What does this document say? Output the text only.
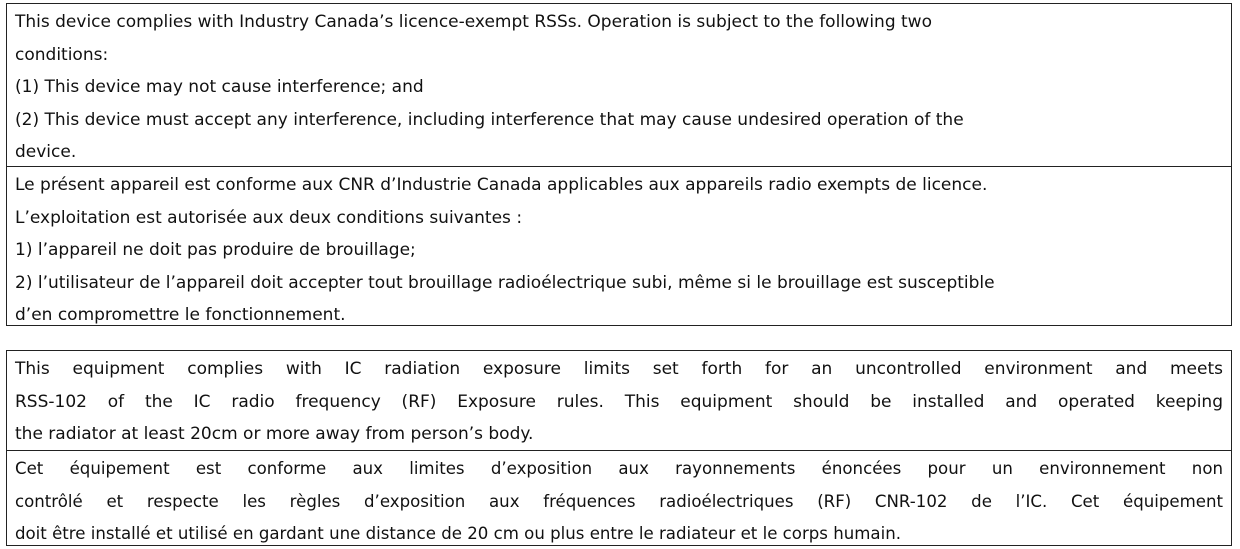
This device complies with Industry Canada’s licence-exempt RSSs. Operation is subject to the following two
conditions:
(1) This device may not cause interference; and
(2) This device must accept any interference, including interference that may cause undesired operation of the
device.
Le présent appareil est conforme aux CNR d’Industrie Canada applicables aux appareils radio exempts de licence.
L’exploitation est autorisée aux deux conditions suivantes :
1) l’appareil ne doit pas produire de brouillage;
2) l’utilisateur de l’appareil doit accepter tout brouillage radioélectrique subi, même si le brouillage est susceptible
d’en compromettre le fonctionnement.
This equipment complies with IC radiation exposure limits set forth for an uncontrolled environment and meets
RSS-102 of the IC radio frequency (RF) Exposure rules. This equipment should be installed and operated keeping
the radiator at least 20cm or more away from person’s body.
Cet équipement est conforme aux limites d’exposition aux rayonnements énoncées pour un environnement non
contrôlé et respecte les règles d’exposition aux fréquences radioélectriques (RF) CNR-102 de l’IC. Cet équipement
doit être installé et utilisé en gardant une distance de 20 cm ou plus entre le radiateur et le corps humain.
